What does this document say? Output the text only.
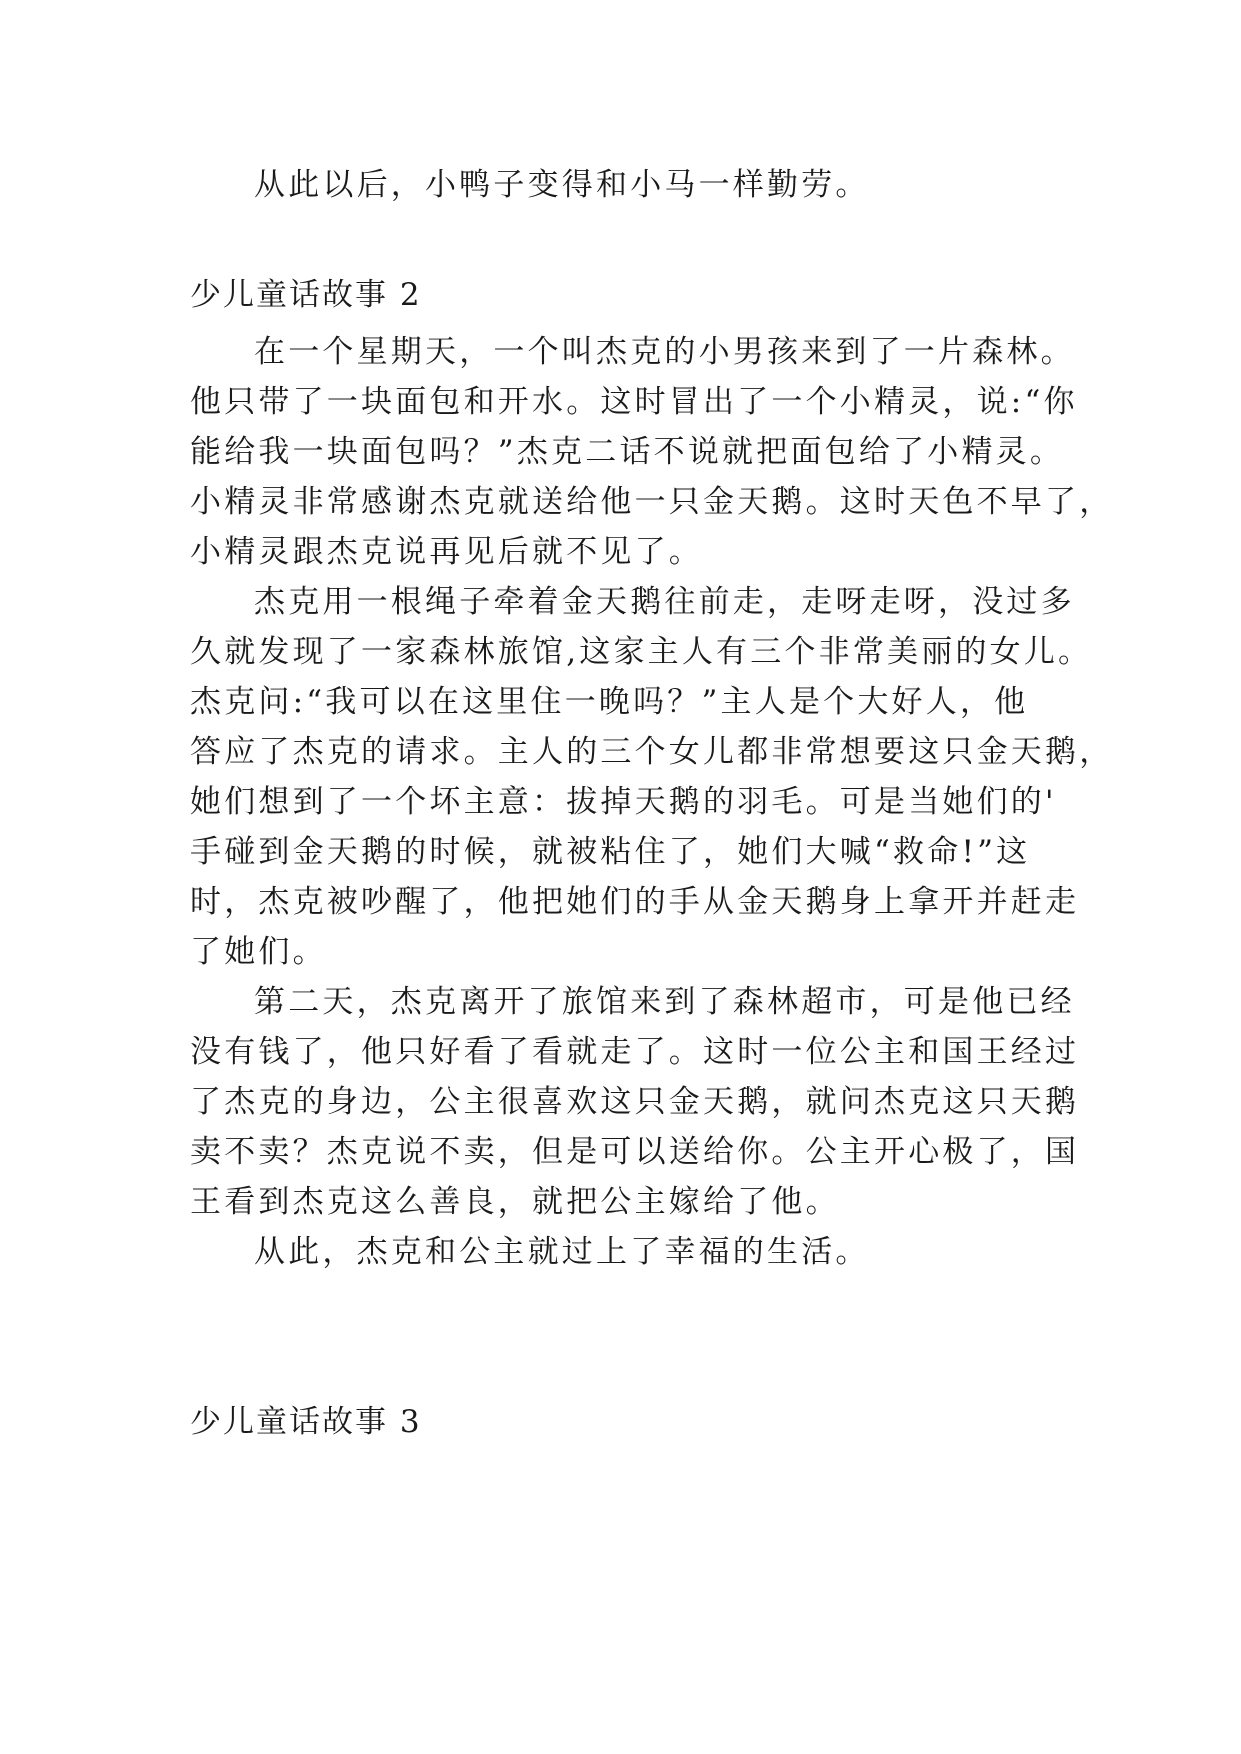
从此以后，小鸭子变得和小马一样勤劳。
少儿童话故事 2
在一个星期天，一个叫杰克的小男孩来到了一片森林。
他只带了一块面包和开水。这时冒出了一个小精灵，说:“你
能给我一块面包吗？”杰克二话不说就把面包给了小精灵。
小精灵非常感谢杰克就送给他一只金天鹅。这时天色不早了，
小精灵跟杰克说再见后就不见了。
杰克用一根绳子牵着金天鹅往前走，走呀走呀，没过多
久就发现了一家森林旅馆,这家主人有三个非常美丽的女儿。
杰克问:“我可以在这里住一晚吗？”主人是个大好人，他
答应了杰克的请求。主人的三个女儿都非常想要这只金天鹅，
她们想到了一个坏主意：拔掉天鹅的羽毛。可是当她们的'
手碰到金天鹅的时候，就被粘住了，她们大喊“救命!”这
时，杰克被吵醒了，他把她们的手从金天鹅身上拿开并赶走
了她们。
第二天，杰克离开了旅馆来到了森林超市，可是他已经
没有钱了，他只好看了看就走了。这时一位公主和国王经过
了杰克的身边，公主很喜欢这只金天鹅，就问杰克这只天鹅
卖不卖？杰克说不卖，但是可以送给你。公主开心极了，国
王看到杰克这么善良，就把公主嫁给了他。
从此，杰克和公主就过上了幸福的生活。
少儿童话故事 3
